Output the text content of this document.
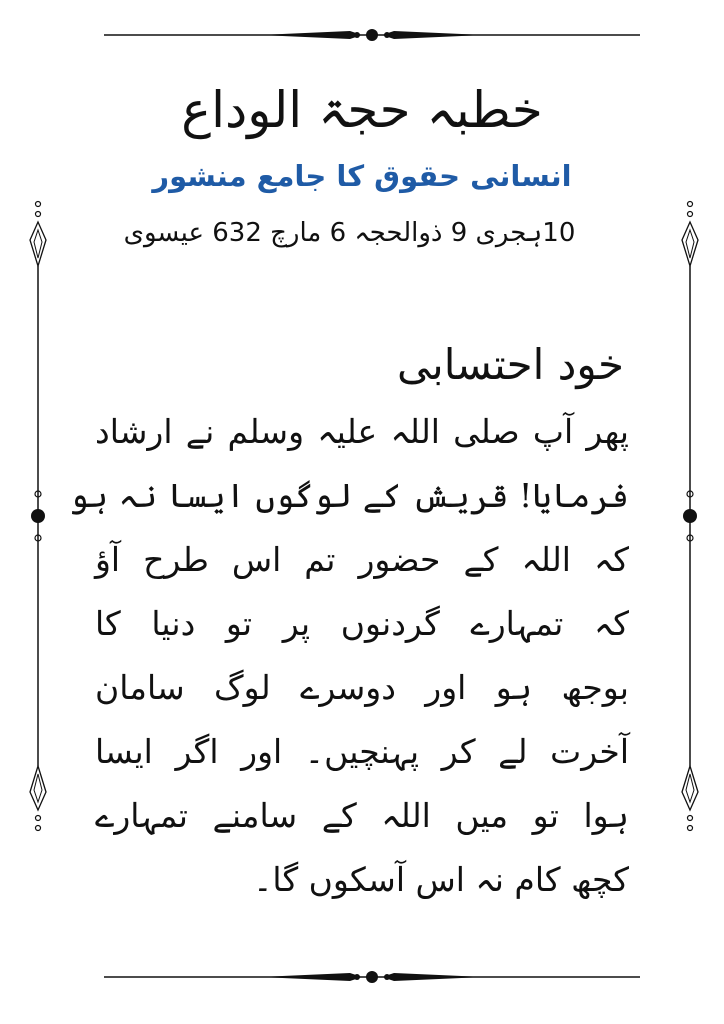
خطبہ حجۃ الوداع
انسانی حقوق کا جامع منشور
10ہجری 9 ذوالحجہ 6 مارچ 632 عیسوی
خود احتسابی
پھر آپ صلی اللہ علیہ وسلم نے ارشاد
فرمایا! قریش کے لوگوں ایسا نہ ہو
کہ اللہ کے حضور تم اس طرح آؤ
کہ تمہارے گردنوں پر تو دنیا کا
بوجھ ہو اور دوسرے لوگ سامان
آخرت لے کر پہنچیں۔ اور اگر ایسا
ہوا تو میں اللہ کے سامنے تمہارے
کچھ کام نہ اس آسکوں گا۔
